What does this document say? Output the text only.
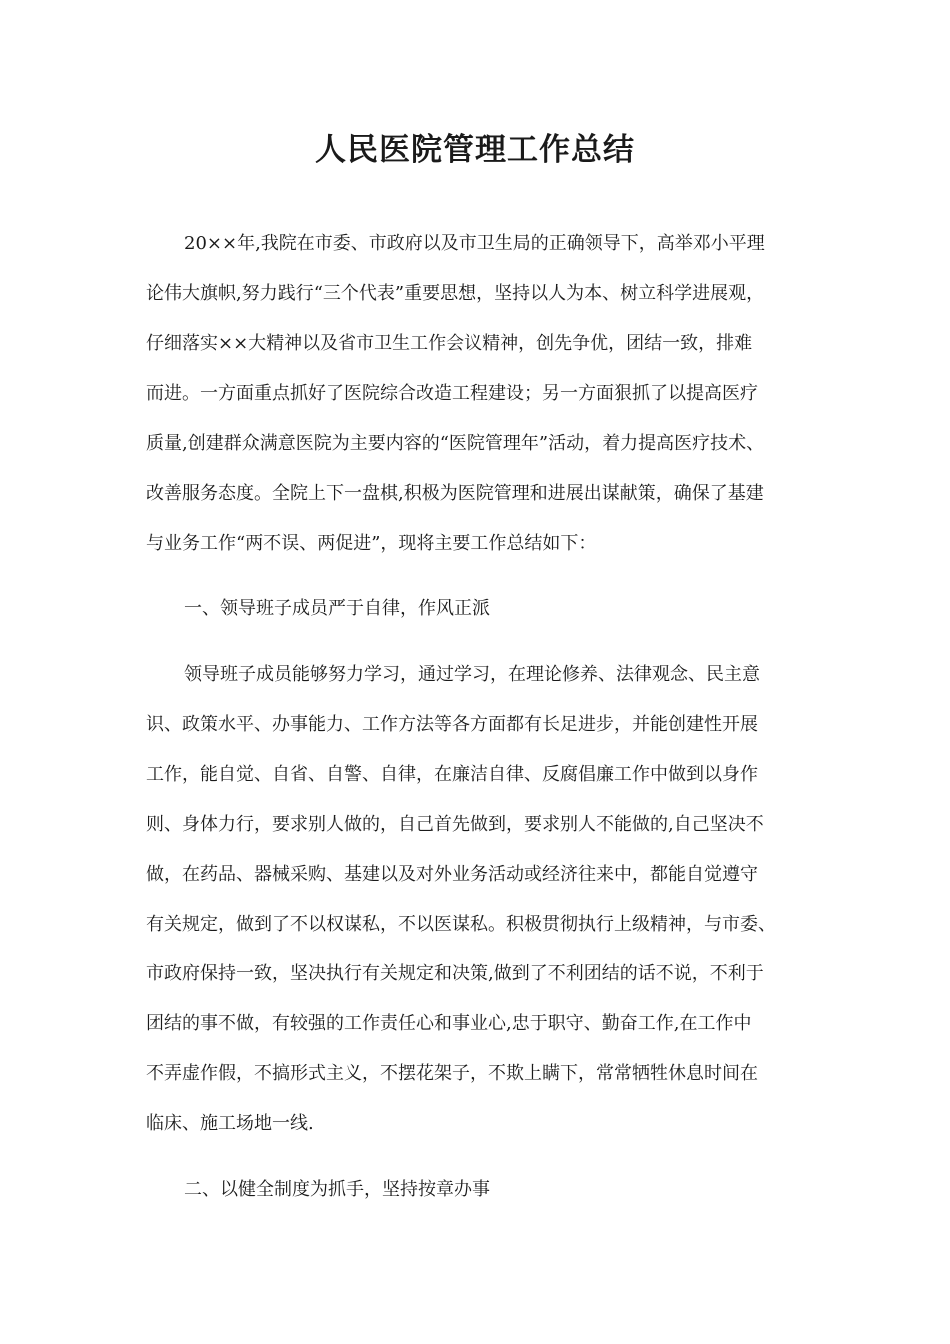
人民医院管理工作总结
20××年,我院在市委、市政府以及市卫生局的正确领导下，高举邓小平理
论伟大旗帜,努力践行“三个代表”重要思想，坚持以人为本、树立科学进展观，
仔细落实××大精神以及省市卫生工作会议精神，创先争优，团结一致，排难
而进。一方面重点抓好了医院综合改造工程建设；另一方面狠抓了以提高医疗
质量,创建群众满意医院为主要内容的“医院管理年”活动，着力提高医疗技术、
改善服务态度。全院上下一盘棋,积极为医院管理和进展出谋献策，确保了基建
与业务工作“两不误、两促进”，现将主要工作总结如下：
一、领导班子成员严于自律，作风正派
领导班子成员能够努力学习，通过学习，在理论修养、法律观念、民主意
识、政策水平、办事能力、工作方法等各方面都有长足进步，并能创建性开展
工作，能自觉、自省、自警、自律，在廉洁自律、反腐倡廉工作中做到以身作
则、身体力行，要求别人做的，自己首先做到，要求别人不能做的,自己坚决不
做，在药品、器械采购、基建以及对外业务活动或经济往来中，都能自觉遵守
有关规定，做到了不以权谋私，不以医谋私。积极贯彻执行上级精神，与市委、
市政府保持一致，坚决执行有关规定和决策,做到了不利团结的话不说，不利于
团结的事不做，有较强的工作责任心和事业心,忠于职守、勤奋工作,在工作中
不弄虚作假，不搞形式主义，不摆花架子，不欺上瞒下，常常牺牲休息时间在
临床、施工场地一线.
二、以健全制度为抓手，坚持按章办事
